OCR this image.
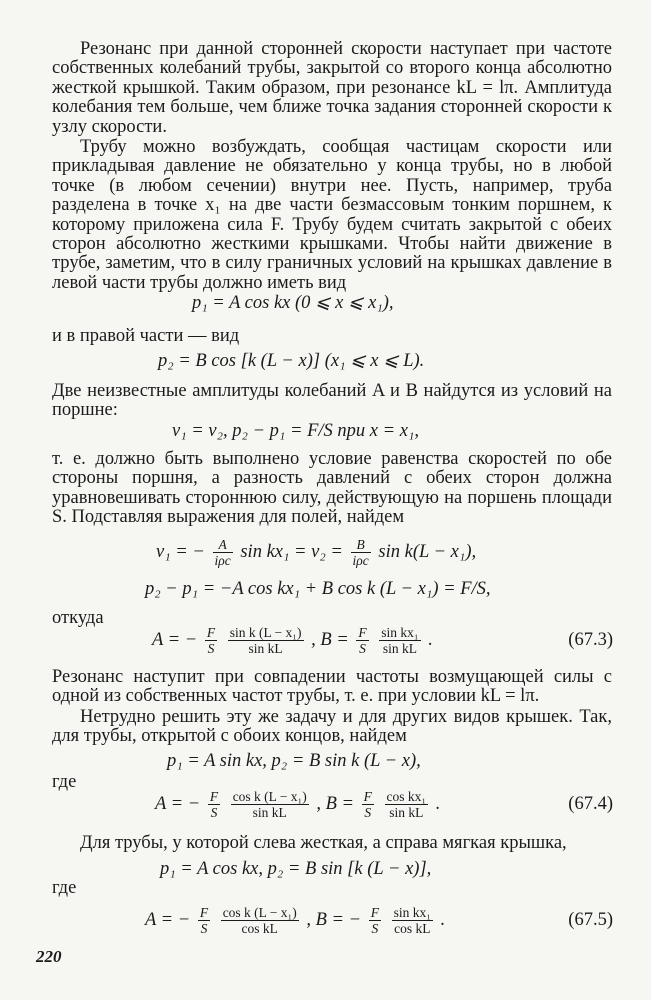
Резонанс при данной сторонней скорости наступает при частоте собственных колебаний трубы, закрытой со второго конца абсолютно жесткой крышкой. Таким образом, при резонансе kL = lπ. Амплитуда колебания тем больше, чем ближе точка задания сторонней скорости к узлу скорости.

Трубу можно возбуждать, сообщая частицам скорости или прикладывая давление не обязательно у конца трубы, но в любой точке (в любом сечении) внутри нее. Пусть, например, труба разделена в точке x₁ на две части безмассовым тонким поршнем, к которому приложена сила F. Трубу будем считать закрытой с обеих сторон абсолютно жесткими крышками. Чтобы найти движение в трубе, заметим, что в силу граничных условий на крышках давление в левой части трубы должно иметь вид

p₁ = A cos kx (0 ⩽ x ⩽ x₁),
и в правой части — вид
p₂ = B cos [k (L − x)] (x₁ ⩽ x ⩽ L).

Две неизвестные амплитуды колебаний A и B найдутся из условий на поршне:

v₁ = v₂, p₂ − p₁ = F/S при x = x₁,

т. е. должно быть выполнено условие равенства скоростей по обе стороны поршня, а разность давлений с обеих сторон должна уравновешивать стороннюю силу, действующую на поршень площади S. Подставляя выражения для полей, найдем

v₁ = − $\frac{A}{\text{iρc}}$ $\sin kx_1 = v_2 = \frac{B}{\text{iρc}}$ sin k(L − x₁),
p₂ − p₁ = −A cos kx₁ + B cos k (L − x₁) = F/S,
откуда
A = − $\frac{F}{S}$
$\frac{\text{sin k (L − x₁)}}{\text{sin kL}}$ , $B = \frac{F}{S}$
$\frac{\text{sin kx₁}}{\text{sin kL}}$ .	(67.3)

Резонанс наступит при совпадении частоты возмущающей силы с одной из собственных частот трубы, т. е. при условии kL = lπ.

Нетрудно решить эту же задачу и для других видов крышек. Так, для трубы, открытой с обоих концов, найдем

p₁ = A sin kx, p₂ = B sin k (L − x),
где
A = − $\frac{F}{S}$
$\frac{\text{cos k (L − x₁)}}{\text{sin kL}}$ , $B = \frac{F}{S}$
$\frac{\text{cos kx₁}}{\text{sin kL}}$ .	(67.4)

Для трубы, у которой слева жесткая, а справа мягкая крышка,

p₁ = A cos kx, p₂ = B sin [k (L − x)],
где
A = − $\frac{F}{S}$
$\frac{\text{cos k (L − x₁)}}{\text{cos kL}}$ , B = − $\frac{F}{S}$
$\frac{\text{sin kx₁}}{\text{cos kL}}$ .	(67.5)
220
